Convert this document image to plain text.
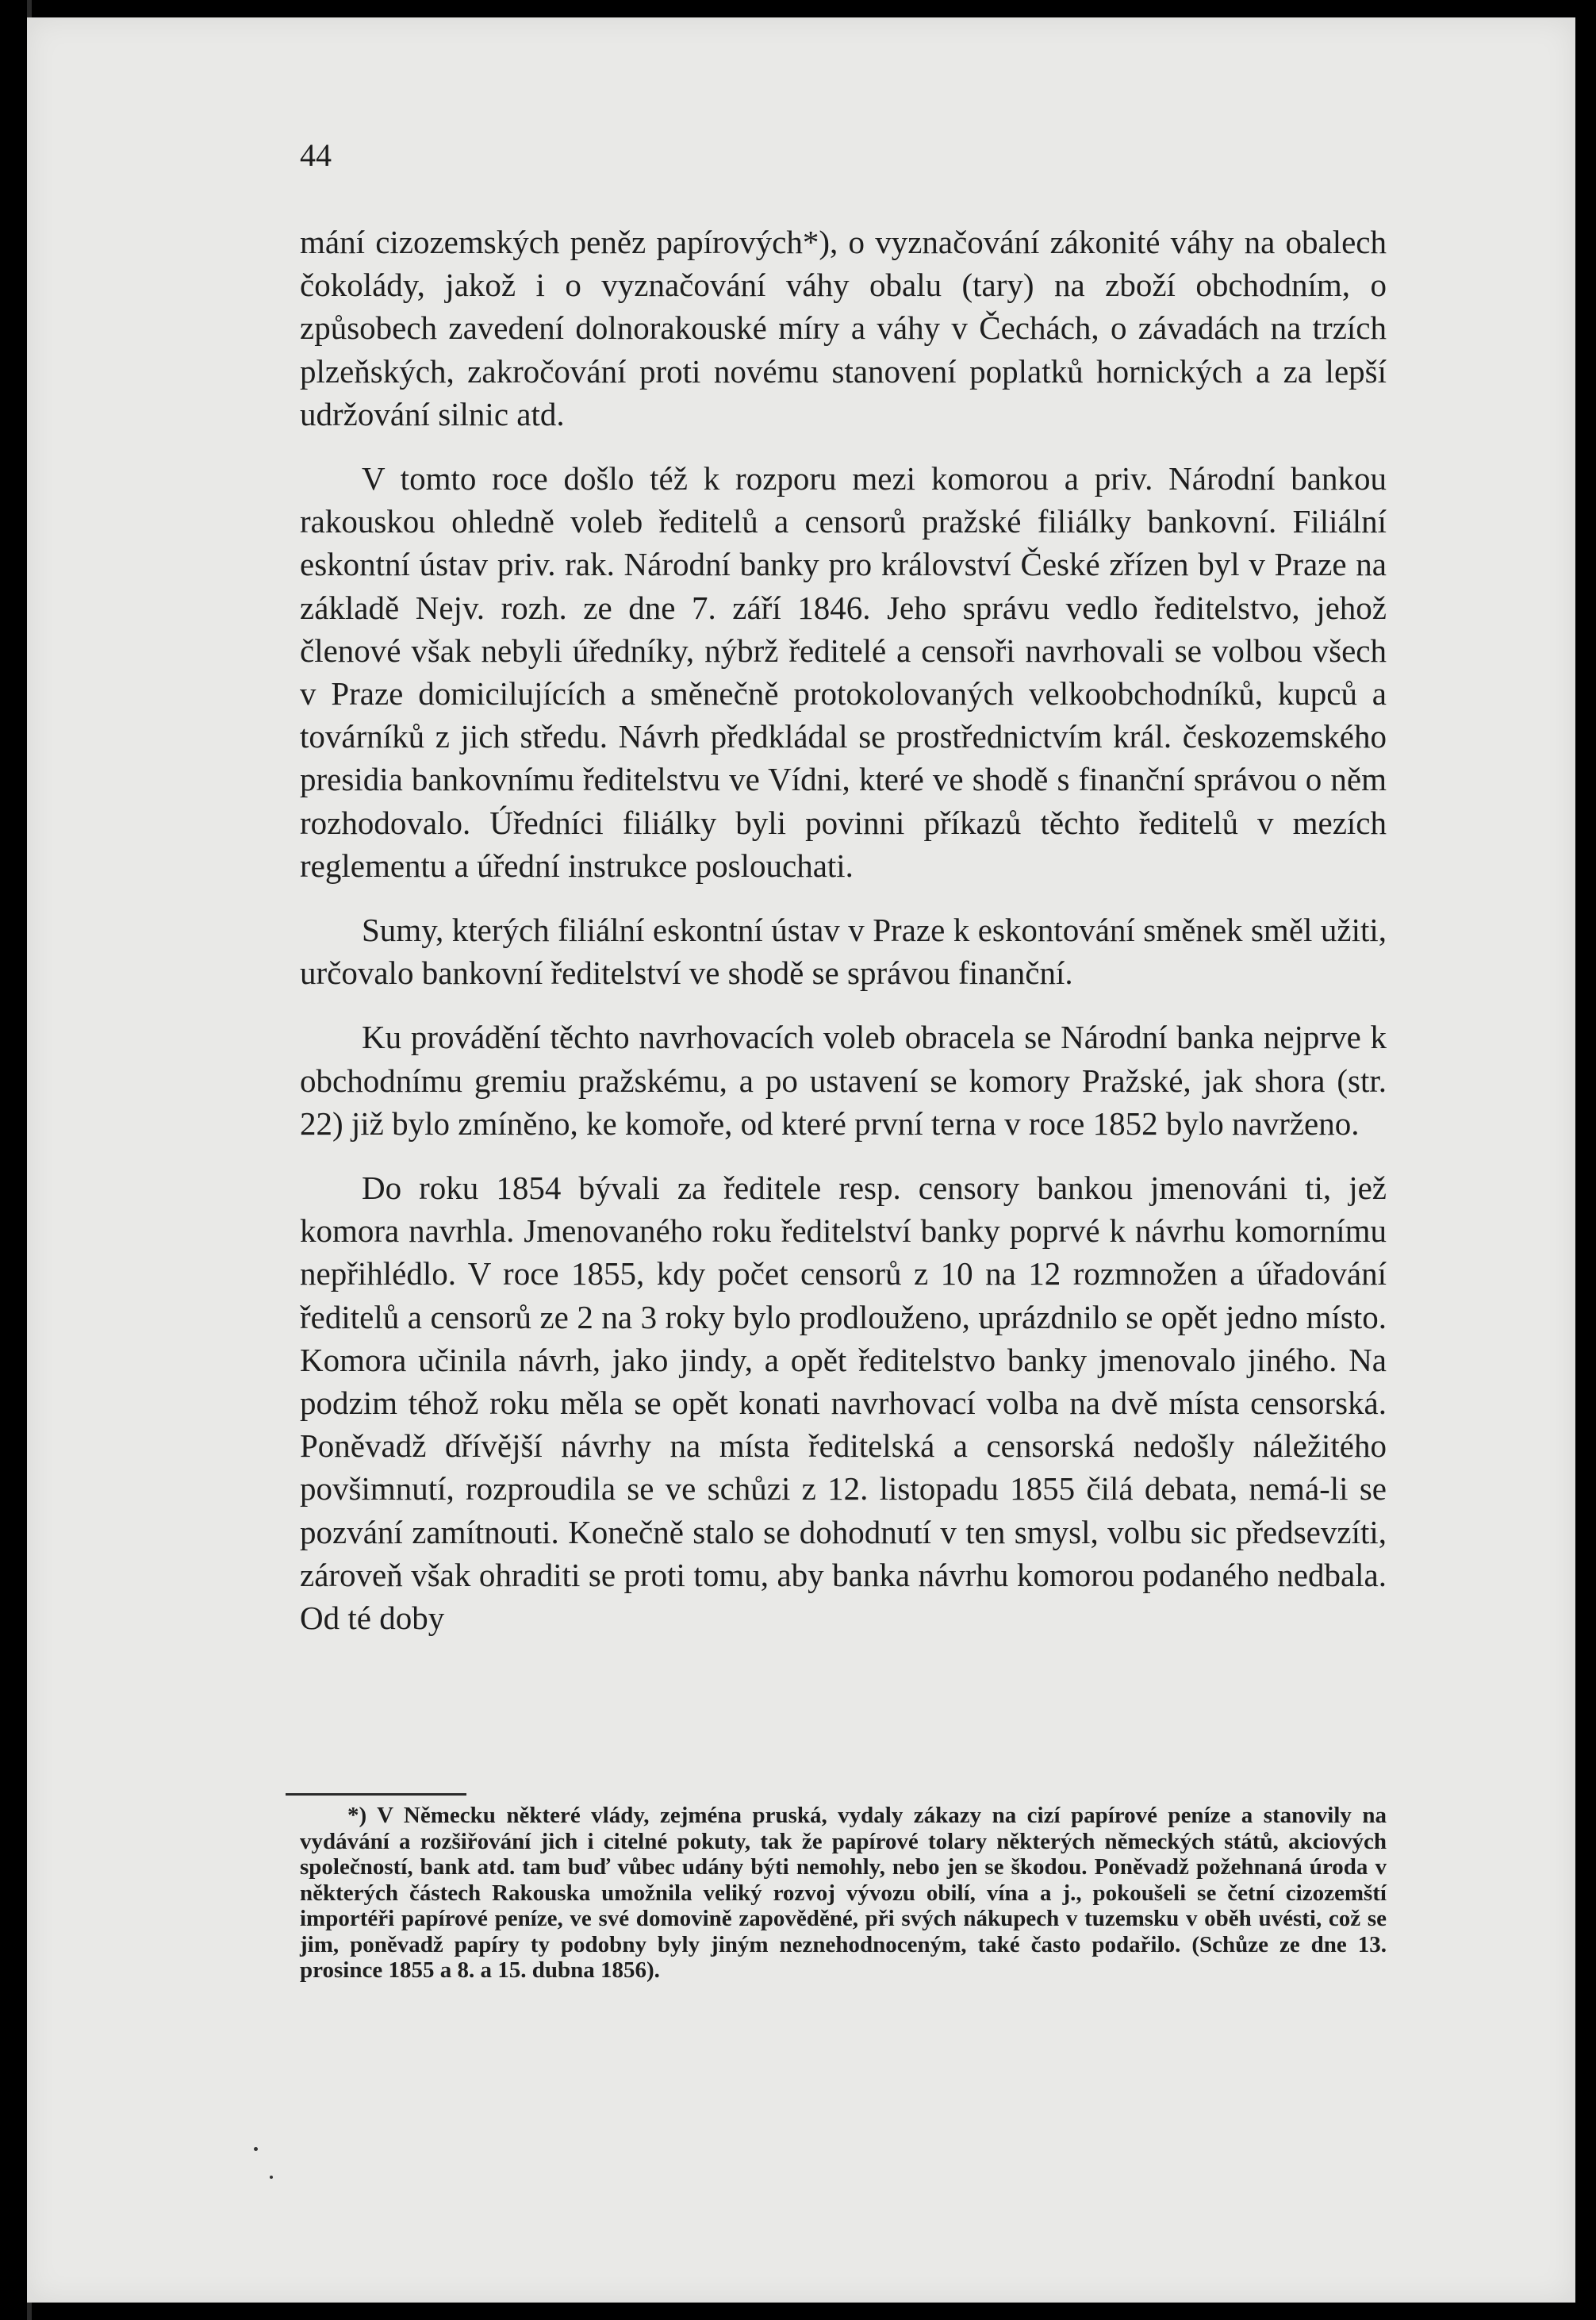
44

mání cizozemských peněz papírových*), o vyznačování zákonité váhy na obalech čokolády, jakož i o vyznačování váhy obalu (tary) na zboží obchodním, o způsobech zavedení dolnorakouské míry a váhy v Čechách, o závadách na trzích plzeňských, zakročování proti novému stanovení poplatků hornických a za lepší udržování silnic atd.

V tomto roce došlo též k rozporu mezi komorou a priv. Národní bankou rakouskou ohledně voleb ředitelů a censorů pražské filiálky bankovní. Filiální eskontní ústav priv. rak. Národní banky pro království České zřízen byl v Praze na základě Nejv. rozh. ze dne 7. září 1846. Jeho správu vedlo ředitelstvo, jehož členové však nebyli úředníky, nýbrž ředitelé a censoři navrhovali se volbou všech v Praze domicilujících a směnečně protokolovaných velkoobchodníků, kupců a továrníků z jich středu. Návrh předkládal se prostřednictvím král. českozemského presidia bankovnímu ředitelstvu ve Vídni, které ve shodě s finanční správou o něm rozhodovalo. Úředníci filiálky byli povinni příkazů těchto ředitelů v mezích reglementu a úřední instrukce poslouchati.

Sumy, kterých filiální eskontní ústav v Praze k eskontování směnek směl užiti, určovalo bankovní ředitelství ve shodě se správou finanční.

Ku provádění těchto navrhovacích voleb obracela se Národní banka nejprve k obchodnímu gremiu pražskému, a po ustavení se komory Pražské, jak shora (str. 22) již bylo zmíněno, ke komoře, od které první terna v roce 1852 bylo navrženo.

Do roku 1854 bývali za ředitele resp. censory bankou jmenováni ti, jež komora navrhla. Jmenovaného roku ředitelství banky poprvé k návrhu komornímu nepřihlédlo. V roce 1855, kdy počet censorů z 10 na 12 rozmnožen a úřadování ředitelů a censorů ze 2 na 3 roky bylo prodlouženo, uprázdnilo se opět jedno místo. Komora učinila návrh, jako jindy, a opět ředitelstvo banky jmenovalo jiného. Na podzim téhož roku měla se opět konati navrhovací volba na dvě místa censorská. Poněvadž dřívější návrhy na místa ředitelská a censorská nedošly náležitého povšimnutí, rozproudila se ve schůzi z 12. listopadu 1855 čilá debata, nemá-li se pozvání zamítnouti. Konečně stalo se dohodnutí v ten smysl, volbu sic předsevzíti, zároveň však ohraditi se proti tomu, aby banka návrhu komorou podaného nedbala. Od té doby

*) V Německu některé vlády, zejména pruská, vydaly zákazy na cizí papírové peníze a stanovily na vydávání a rozšiřování jich i citelné pokuty, tak že papírové tolary některých německých států, akciových společností, bank atd. tam buď vůbec udány býti nemohly, nebo jen se škodou. Poněvadž požehnaná úroda v některých částech Rakouska umožnila veliký rozvoj vývozu obilí, vína a j., pokoušeli se četní cizozemští importéři papírové peníze, ve své domovině zapověděné, při svých nákupech v tuzemsku v oběh uvésti, což se jim, poněvadž papíry ty podobny byly jiným neznehodnoceným, také často podařilo. (Schůze ze dne 13. prosince 1855 a 8. a 15. dubna 1856).
